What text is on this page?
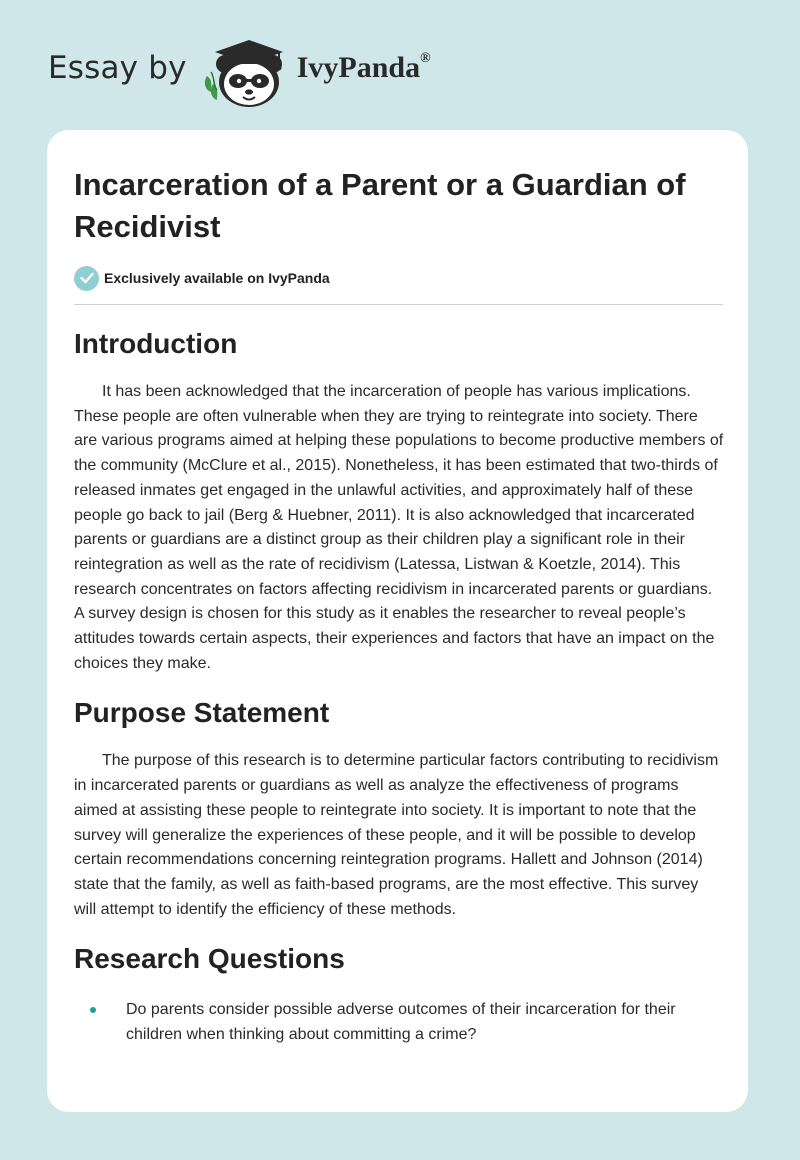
Essay by	IvyPanda®
Incarceration of a Parent or a Guardian of Recidivist
Exclusively available on IvyPanda
Introduction

It has been acknowledged that the incarceration of people has various implications. These people are often vulnerable when they are trying to reintegrate into society. There are various programs aimed at helping these populations to become productive members of the community (McClure et al., 2015). Nonetheless, it has been estimated that two-thirds of released inmates get engaged in the unlawful activities, and approximately half of these people go back to jail (Berg & Huebner, 2011). It is also acknowledged that incarcerated parents or guardians are a distinct group as their children play a significant role in their reintegration as well as the rate of recidivism (Latessa, Listwan & Koetzle, 2014). This research concentrates on factors affecting recidivism in incarcerated parents or guardians. A survey design is chosen for this study as it enables the researcher to reveal people’s attitudes towards certain aspects, their experiences and factors that have an impact on the choices they make.

Purpose Statement

The purpose of this research is to determine particular factors contributing to recidivism in incarcerated parents or guardians as well as analyze the effectiveness of programs aimed at assisting these people to reintegrate into society. It is important to note that the survey will generalize the experiences of these people, and it will be possible to develop certain recommendations concerning reintegration programs. Hallett and Johnson (2014) state that the family, as well as faith-based programs, are the most effective. This survey will attempt to identify the efficiency of these methods.

Research Questions
Do parents consider possible adverse outcomes of their incarceration for their children when thinking about committing a crime?
